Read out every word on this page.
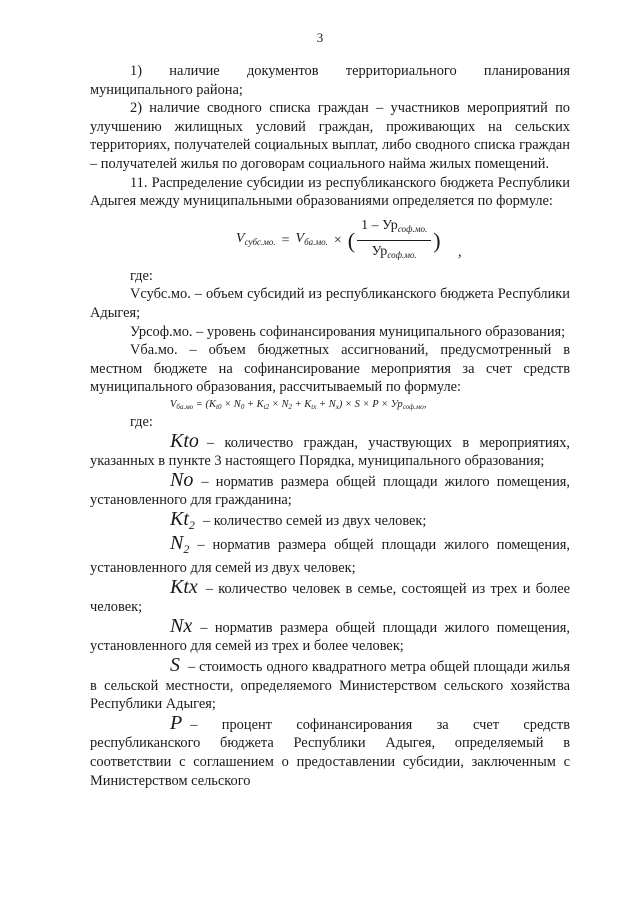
3

1) наличие документов территориального планирования муниципального района;

2) наличие сводного списка граждан – участников мероприятий по улучшению жилищных условий граждан, проживающих на сельских территориях, получателей социальных выплат, либо сводного списка граждан – получателей жилья по договорам социального найма жилых помещений.

11. Распределение субсидии из республиканского бюджета Республики Адыгея между муниципальными образованиями определяется по формуле:

$V_{субс.мо.} = V_{ба.мо.}$ × ( $\frac{1 - Ур_{соф.мо.}}{Ур_{соф.мо.}}$ ) ,

где:

Vсубс.мо. – объем субсидий из республиканского бюджета Республики Адыгея;

Урсоф.мо. – уровень софинансирования муниципального образования;

Vба.мо. – объем бюджетных ассигнований, предусмотренный в местном бюджете на софинансирование мероприятия за счет средств муниципального образования, рассчитываемый по формуле:

Vба.мо = (Kt0 × N0 + Kt2 × N2 + Ktx + Nx) × S × P × Урсоф.мо,

где:

Kto – количество граждан, участвующих в мероприятиях, указанных в пункте 3 настоящего Порядка, муниципального образования;

No – норматив размера общей площади жилого помещения, установленного для гражданина;

$Kt_2$ – количество семей из двух человек;

$N_2$ – норматив размера общей площади жилого помещения, установленного для семей из двух человек;

Ktx – количество человек в семье, состоящей из трех и более человек;

Nx – норматив размера общей площади жилого помещения, установленного для семей из трех и более человек;

S – стоимость одного квадратного метра общей площади жилья в сельской местности, определяемого Министерством сельского хозяйства Республики Адыгея;

P – процент софинансирования за счет средств республиканского бюджета Республики Адыгея, определяемый в соответствии с соглашением о предоставлении субсидии, заключенным с Министерством сельского
